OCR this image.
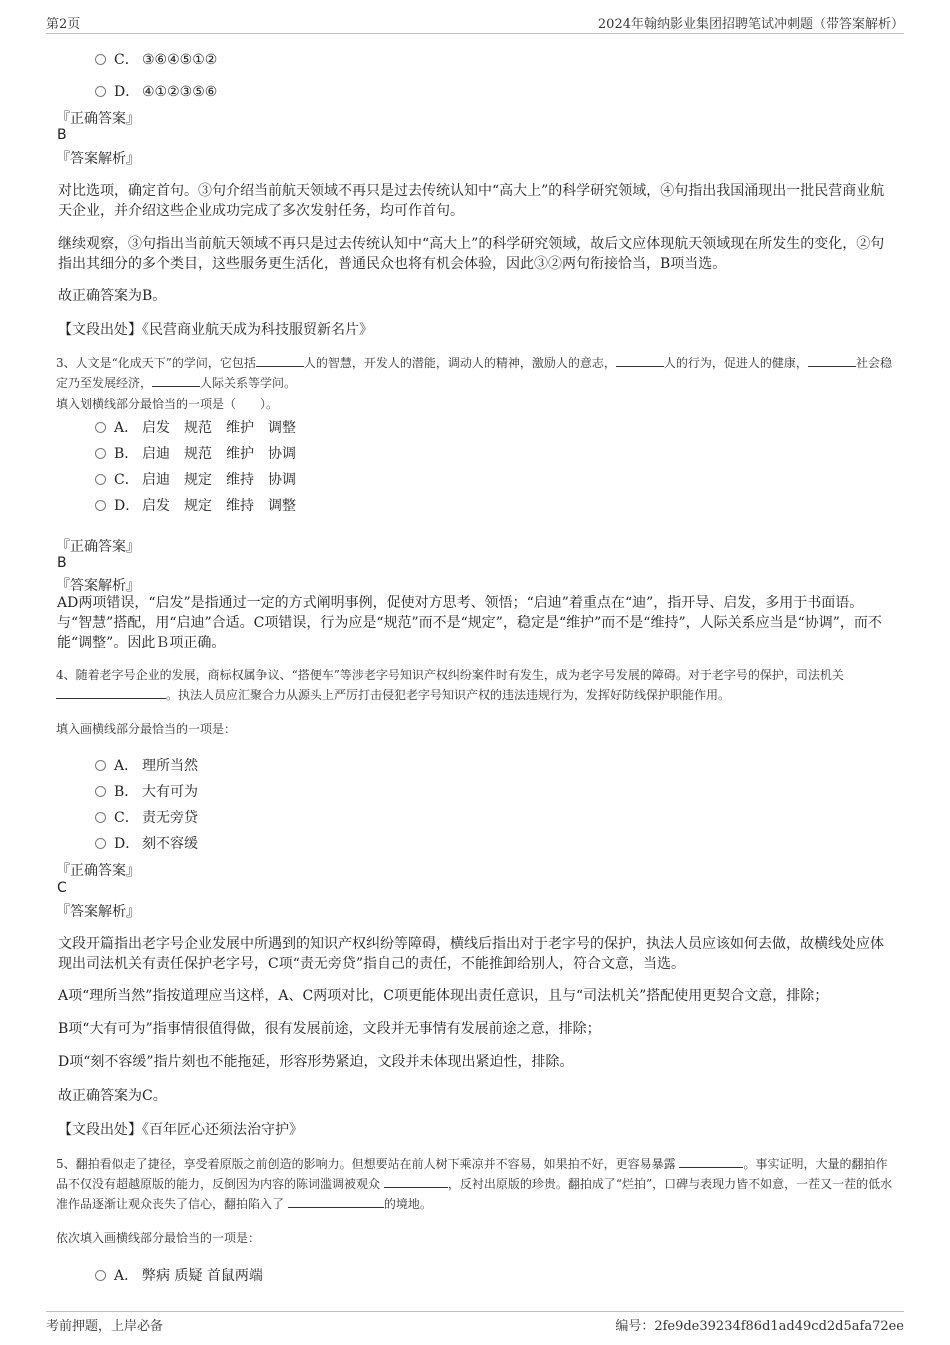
第2页	2024年翰纳影业集团招聘笔试冲刺题（带答案解析）
C． ③⑥④⑤①②
D． ④①②③⑤⑥
『正确答案』
B
『答案解析』
对比选项，确定首句。③句介绍当前航天领域不再只是过去传统认知中“高大上”的科学研究领域，④句指出我国涌现出一批民营商业航天企业，并介绍这些企业成功完成了多次发射任务，均可作首句。
继续观察，③句指出当前航天领域不再只是过去传统认知中“高大上”的科学研究领域，故后文应体现航天领域现在所发生的变化，②句指出其细分的多个类目，这些服务更生活化，普通民众也将有机会体验，因此③②两句衔接恰当，B项当选。
故正确答案为B。
【文段出处】《民营商业航天成为科技服贸新名片》
3、人文是“化成天下”的学问，它包括	人的智慧，开发人的潜能，调动人的精神，激励人的意志，	人的行为，促进人的健康，	社会稳定乃至发展经济，	人际关系等学问。
填入划横线部分最恰当的一项是（　　）。
A． 启发　规范　维护　调整
B． 启迪　规范　维护　协调
C． 启迪　规定　维持　协调
D． 启发　规定　维持　调整
『正确答案』
B
『答案解析』
AD两项错误，“启发”是指通过一定的方式阐明事例，促使对方思考、领悟；“启迪”着重点在“迪”，指开导、启发，多用于书面语。与“智慧”搭配，用“启迪”合适。C项错误，行为应是“规范”而不是“规定”，稳定是“维护”而不是“维持”，人际关系应当是“协调”，而不能“调整”。因此Ｂ项正确。
4、随着老字号企业的发展，商标权属争议、“搭便车”等涉老字号知识产权纠纷案件时有发生，成为老字号发展的障碍。对于老字号的保护，司法机关 。执法人员应汇聚合力从源头上严厉打击侵犯老字号知识产权的违法违规行为，发挥好防线保护职能作用。
填入画横线部分最恰当的一项是：
A． 理所当然
B． 大有可为
C． 责无旁贷
D． 刻不容缓
『正确答案』
C
『答案解析』
文段开篇指出老字号企业发展中所遇到的知识产权纠纷等障碍，横线后指出对于老字号的保护，执法人员应该如何去做，故横线处应体现出司法机关有责任保护老字号，C项“责无旁贷”指自己的责任，不能推卸给别人，符合文意，当选。
A项“理所当然”指按道理应当这样，A、C两项对比，C项更能体现出责任意识，且与“司法机关”搭配使用更契合文意，排除；
B项“大有可为”指事情很值得做，很有发展前途，文段并无事情有发展前途之意，排除；
D项“刻不容缓”指片刻也不能拖延，形容形势紧迫，文段并未体现出紧迫性，排除。
故正确答案为C。
【文段出处】《百年匠心还须法治守护》
5、翻拍看似走了捷径，享受着原版之前创造的影响力。但想要站在前人树下乘凉并不容易，如果拍不好，更容易暴露	。事实证明，大量的翻拍作品不仅没有超越原版的能力，反倒因为内容的陈词滥调被观众	，反衬出原版的珍贵。翻拍成了“烂拍”，口碑与表现力皆不如意，一茬又一茬的低水准作品逐渐让观众丧失了信心，翻拍陷入了	的境地。
依次填入画横线部分最恰当的一项是：
A． 弊病 质疑 首鼠两端
考前押题，上岸必备	编号：2fe9de39234f86d1ad49cd2d5afa72ee
